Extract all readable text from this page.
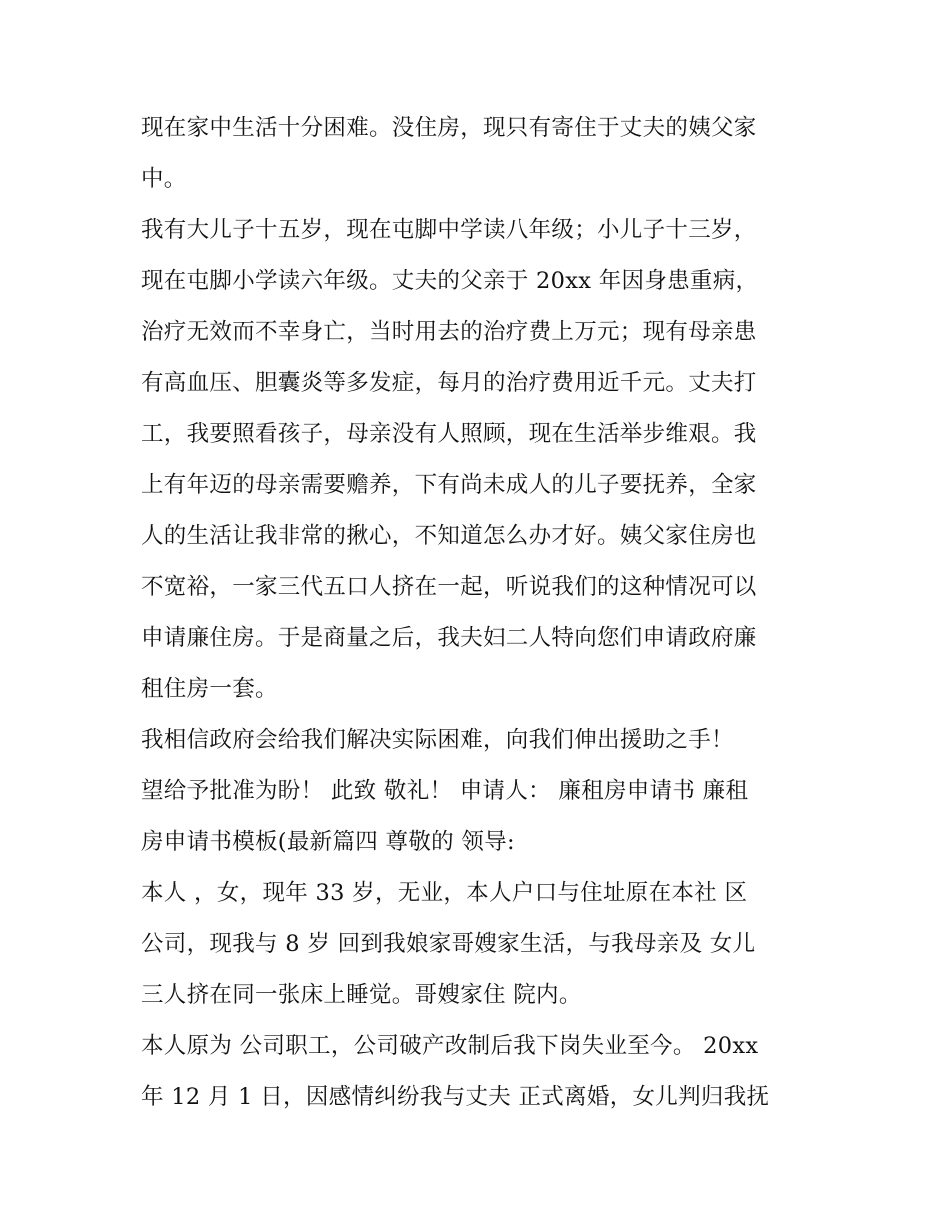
现在家中生活十分困难。没住房，现只有寄住于丈夫的姨父家
中。
我有大儿子十五岁，现在屯脚中学读八年级；小儿子十三岁，
现在屯脚小学读六年级。丈夫的父亲于 20xx 年因身患重病，
治疗无效而不幸身亡，当时用去的治疗费上万元；现有母亲患
有高血压、胆囊炎等多发症，每月的治疗费用近千元。丈夫打
工，我要照看孩子，母亲没有人照顾，现在生活举步维艰。我
上有年迈的母亲需要赡养，下有尚未成人的儿子要抚养，全家
人的生活让我非常的揪心，不知道怎么办才好。姨父家住房也
不宽裕，一家三代五口人挤在一起，听说我们的这种情况可以
申请廉住房。于是商量之后，我夫妇二人特向您们申请政府廉
租住房一套。
我相信政府会给我们解决实际困难，向我们伸出援助之手！
望给予批准为盼！ 此致 敬礼！ 申请人： 廉租房申请书 廉租
房申请书模板(最新篇四 尊敬的 领导:
本人 ，女，现年 33 岁，无业，本人户口与住址原在本社 区
公司，现我与 8 岁 回到我娘家哥嫂家生活，与我母亲及 女儿
三人挤在同一张床上睡觉。哥嫂家住 院内。
本人原为 公司职工，公司破产改制后我下岗失业至今。 20xx
年 12 月 1 日，因感情纠纷我与丈夫 正式离婚，女儿判归我抚
